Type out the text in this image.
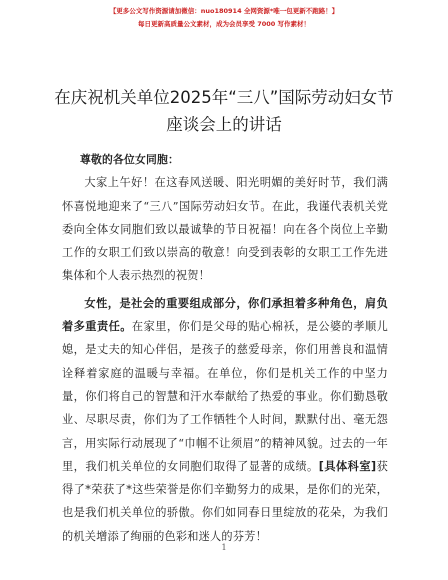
【更多公文写作资源请加微信：nuo180914 全网资源*唯一包更新不跑路！】
每日更新高质量公文素材，成为会员享受 7000 写作素材！
在庆祝机关单位2025年“三八”国际劳动妇女节座谈会上的讲话

尊敬的各位女同胞：

大家上午好！在这春风送暖、阳光明媚的美好时节，我们满怀喜悦地迎来了“三八”国际劳动妇女节。在此，我谨代表机关党委向全体女同胞们致以最诚挚的节日祝福！向在各个岗位上辛勤工作的女职工们致以崇高的敬意！向受到表彰的女职工工作先进集体和个人表示热烈的祝贺！

女性，是社会的重要组成部分，你们承担着多种角色，肩负着多重责任。在家里，你们是父母的贴心棉袄，是公婆的孝顺儿媳，是丈夫的知心伴侣，是孩子的慈爱母亲，你们用善良和温情诠释着家庭的温暖与幸福。在单位，你们是机关工作的中坚力量，你们将自己的智慧和汗水奉献给了热爱的事业。你们勤恳敬业、尽职尽责，你们为了工作牺牲个人时间，默默付出、毫无怨言，用实际行动展现了“巾帼不让须眉”的精神风貌。过去的一年里，我们机关单位的女同胞们取得了显著的成绩。[具体科室]获得了*荣获了*这些荣誉是你们辛勤努力的成果，是你们的光荣，也是我们机关单位的骄傲。你们如同春日里绽放的花朵，为我们的机关增添了绚丽的色彩和迷人的芬芳！

1
